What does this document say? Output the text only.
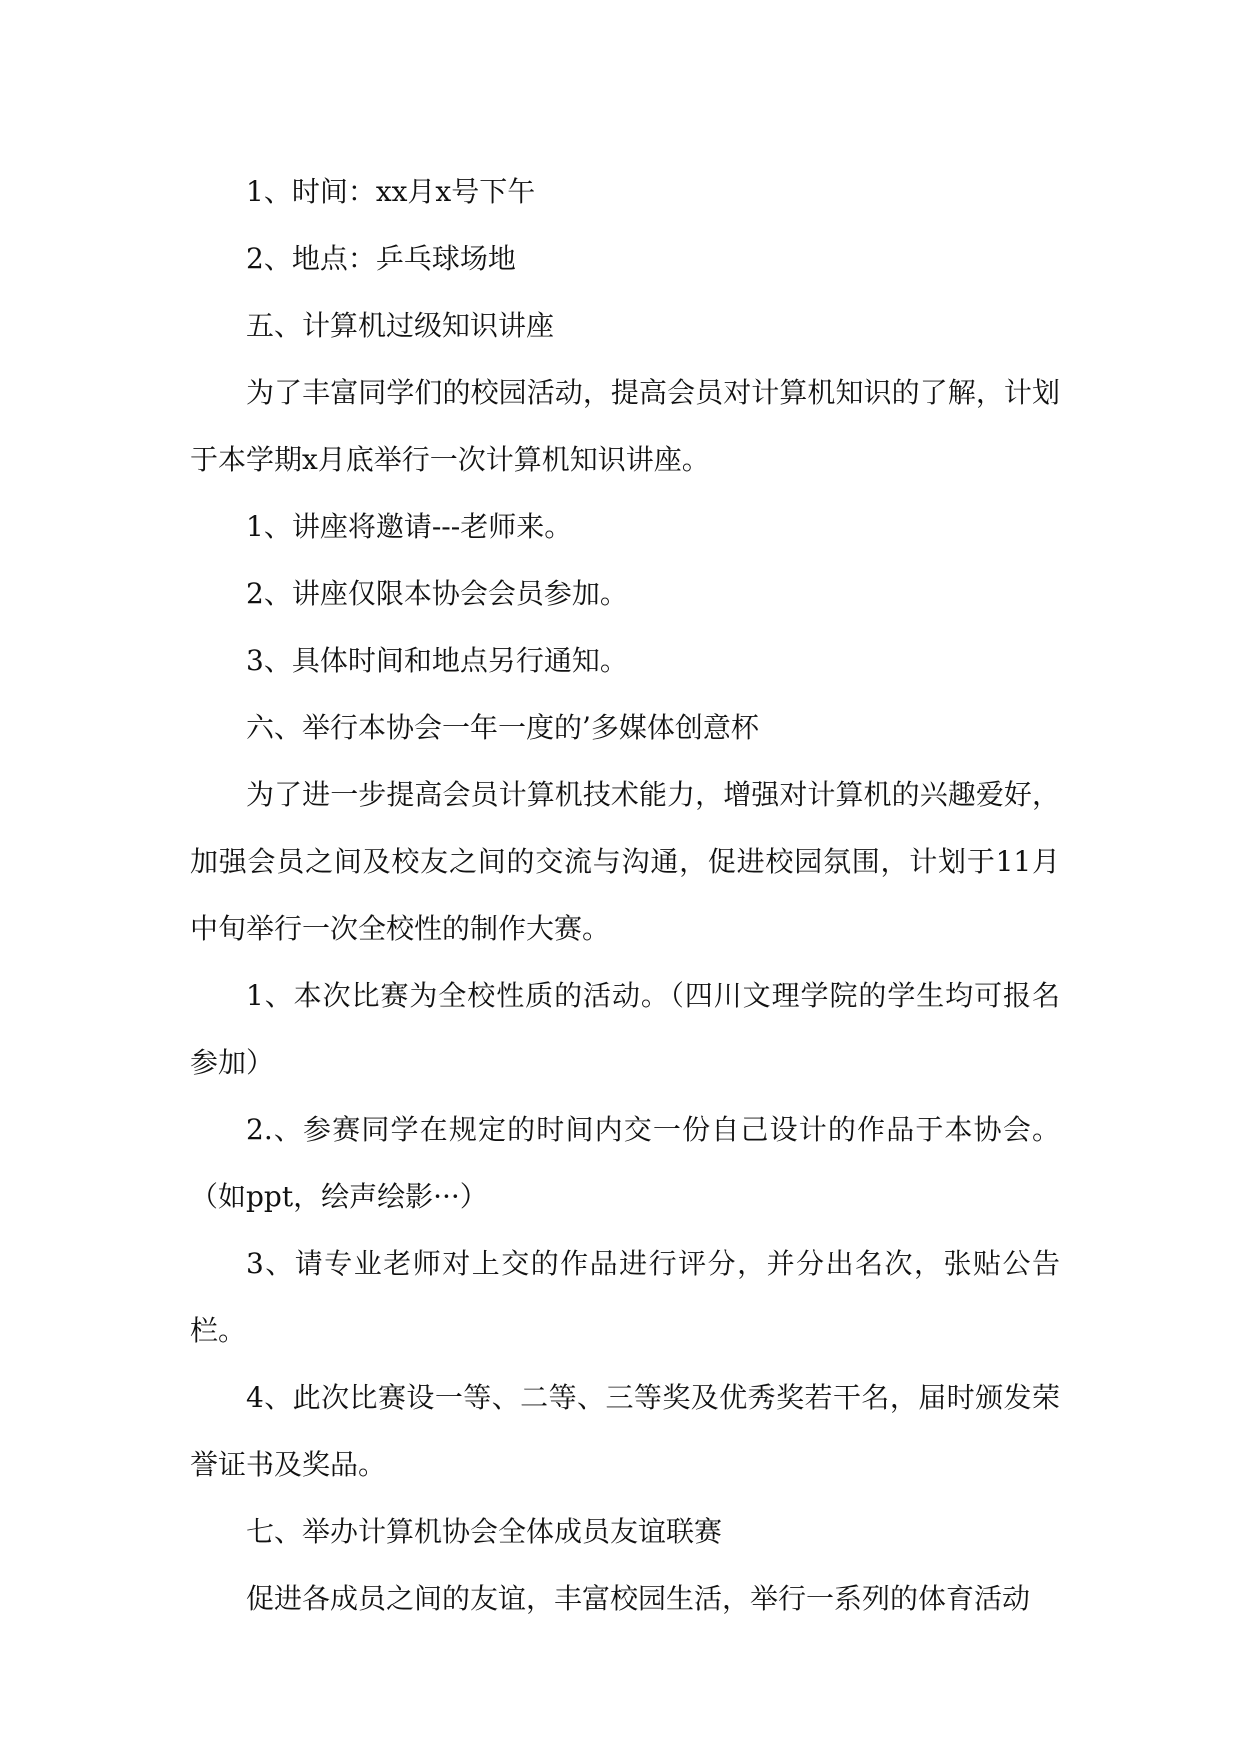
1、时间：xx月x号下午

2、地点：乒乓球场地

五、计算机过级知识讲座

为了丰富同学们的校园活动，提高会员对计算机知识的了解，计划于本学期x月底举行一次计算机知识讲座。

1、讲座将邀请---老师来。

2、讲座仅限本协会会员参加。

3、具体时间和地点另行通知。

六、举行本协会一年一度的’多媒体创意杯

为了进一步提高会员计算机技术能力，增强对计算机的兴趣爱好，加强会员之间及校友之间的交流与沟通，促进校园氛围，计划于11月中旬举行一次全校性的制作大赛。

1、本次比赛为全校性质的活动。（四川文理学院的学生均可报名参加）

2.、参赛同学在规定的时间内交一份自己设计的作品于本协会。（如ppt，绘声绘影···）

3、请专业老师对上交的作品进行评分，并分出名次，张贴公告栏。

4、此次比赛设一等、二等、三等奖及优秀奖若干名，届时颁发荣誉证书及奖品。

七、举办计算机协会全体成员友谊联赛

促进各成员之间的友谊，丰富校园生活，举行一系列的体育活动
